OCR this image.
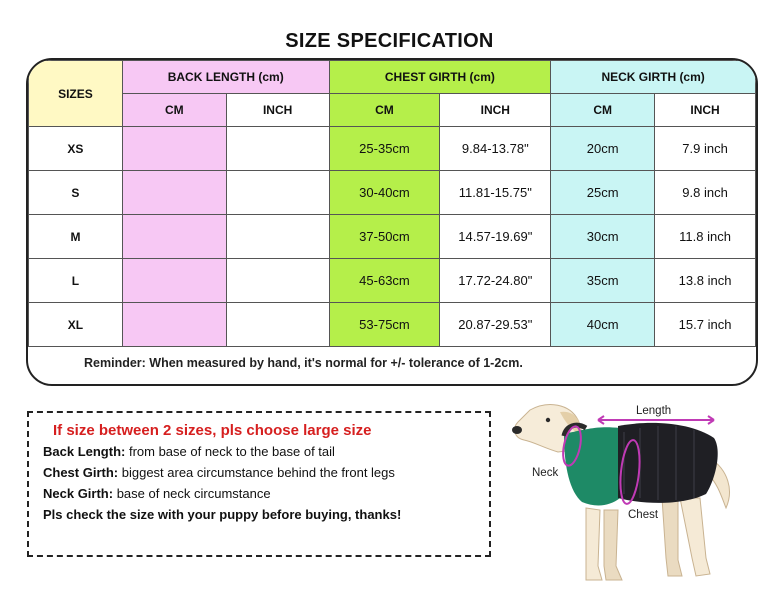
SIZE SPECIFICATION
SIZES	BACK LENGTH (cm)		CHEST GIRTH (cm)		NECK GIRTH (cm)	
	CM	INCH	CM	INCH	CM	INCH
XS			25-35cm	9.84-13.78"	20cm	7.9 inch
S			30-40cm	11.81-15.75"	25cm	9.8 inch
M			37-50cm	14.57-19.69"	30cm	11.8 inch
L			45-63cm	17.72-24.80"	35cm	13.8 inch
XL			53-75cm	20.87-29.53"	40cm	15.7 inch
Reminder: When measured by hand, it's normal for +/- tolerance of 1-2cm.
If size between 2 sizes, pls choose large size
Back Length: from base of neck to the base of tail
Chest Girth: biggest area circumstance behind the front legs
Neck Girth: base of neck circumstance
Pls check the size with your puppy before buying, thanks!
Length
Neck
Chest
